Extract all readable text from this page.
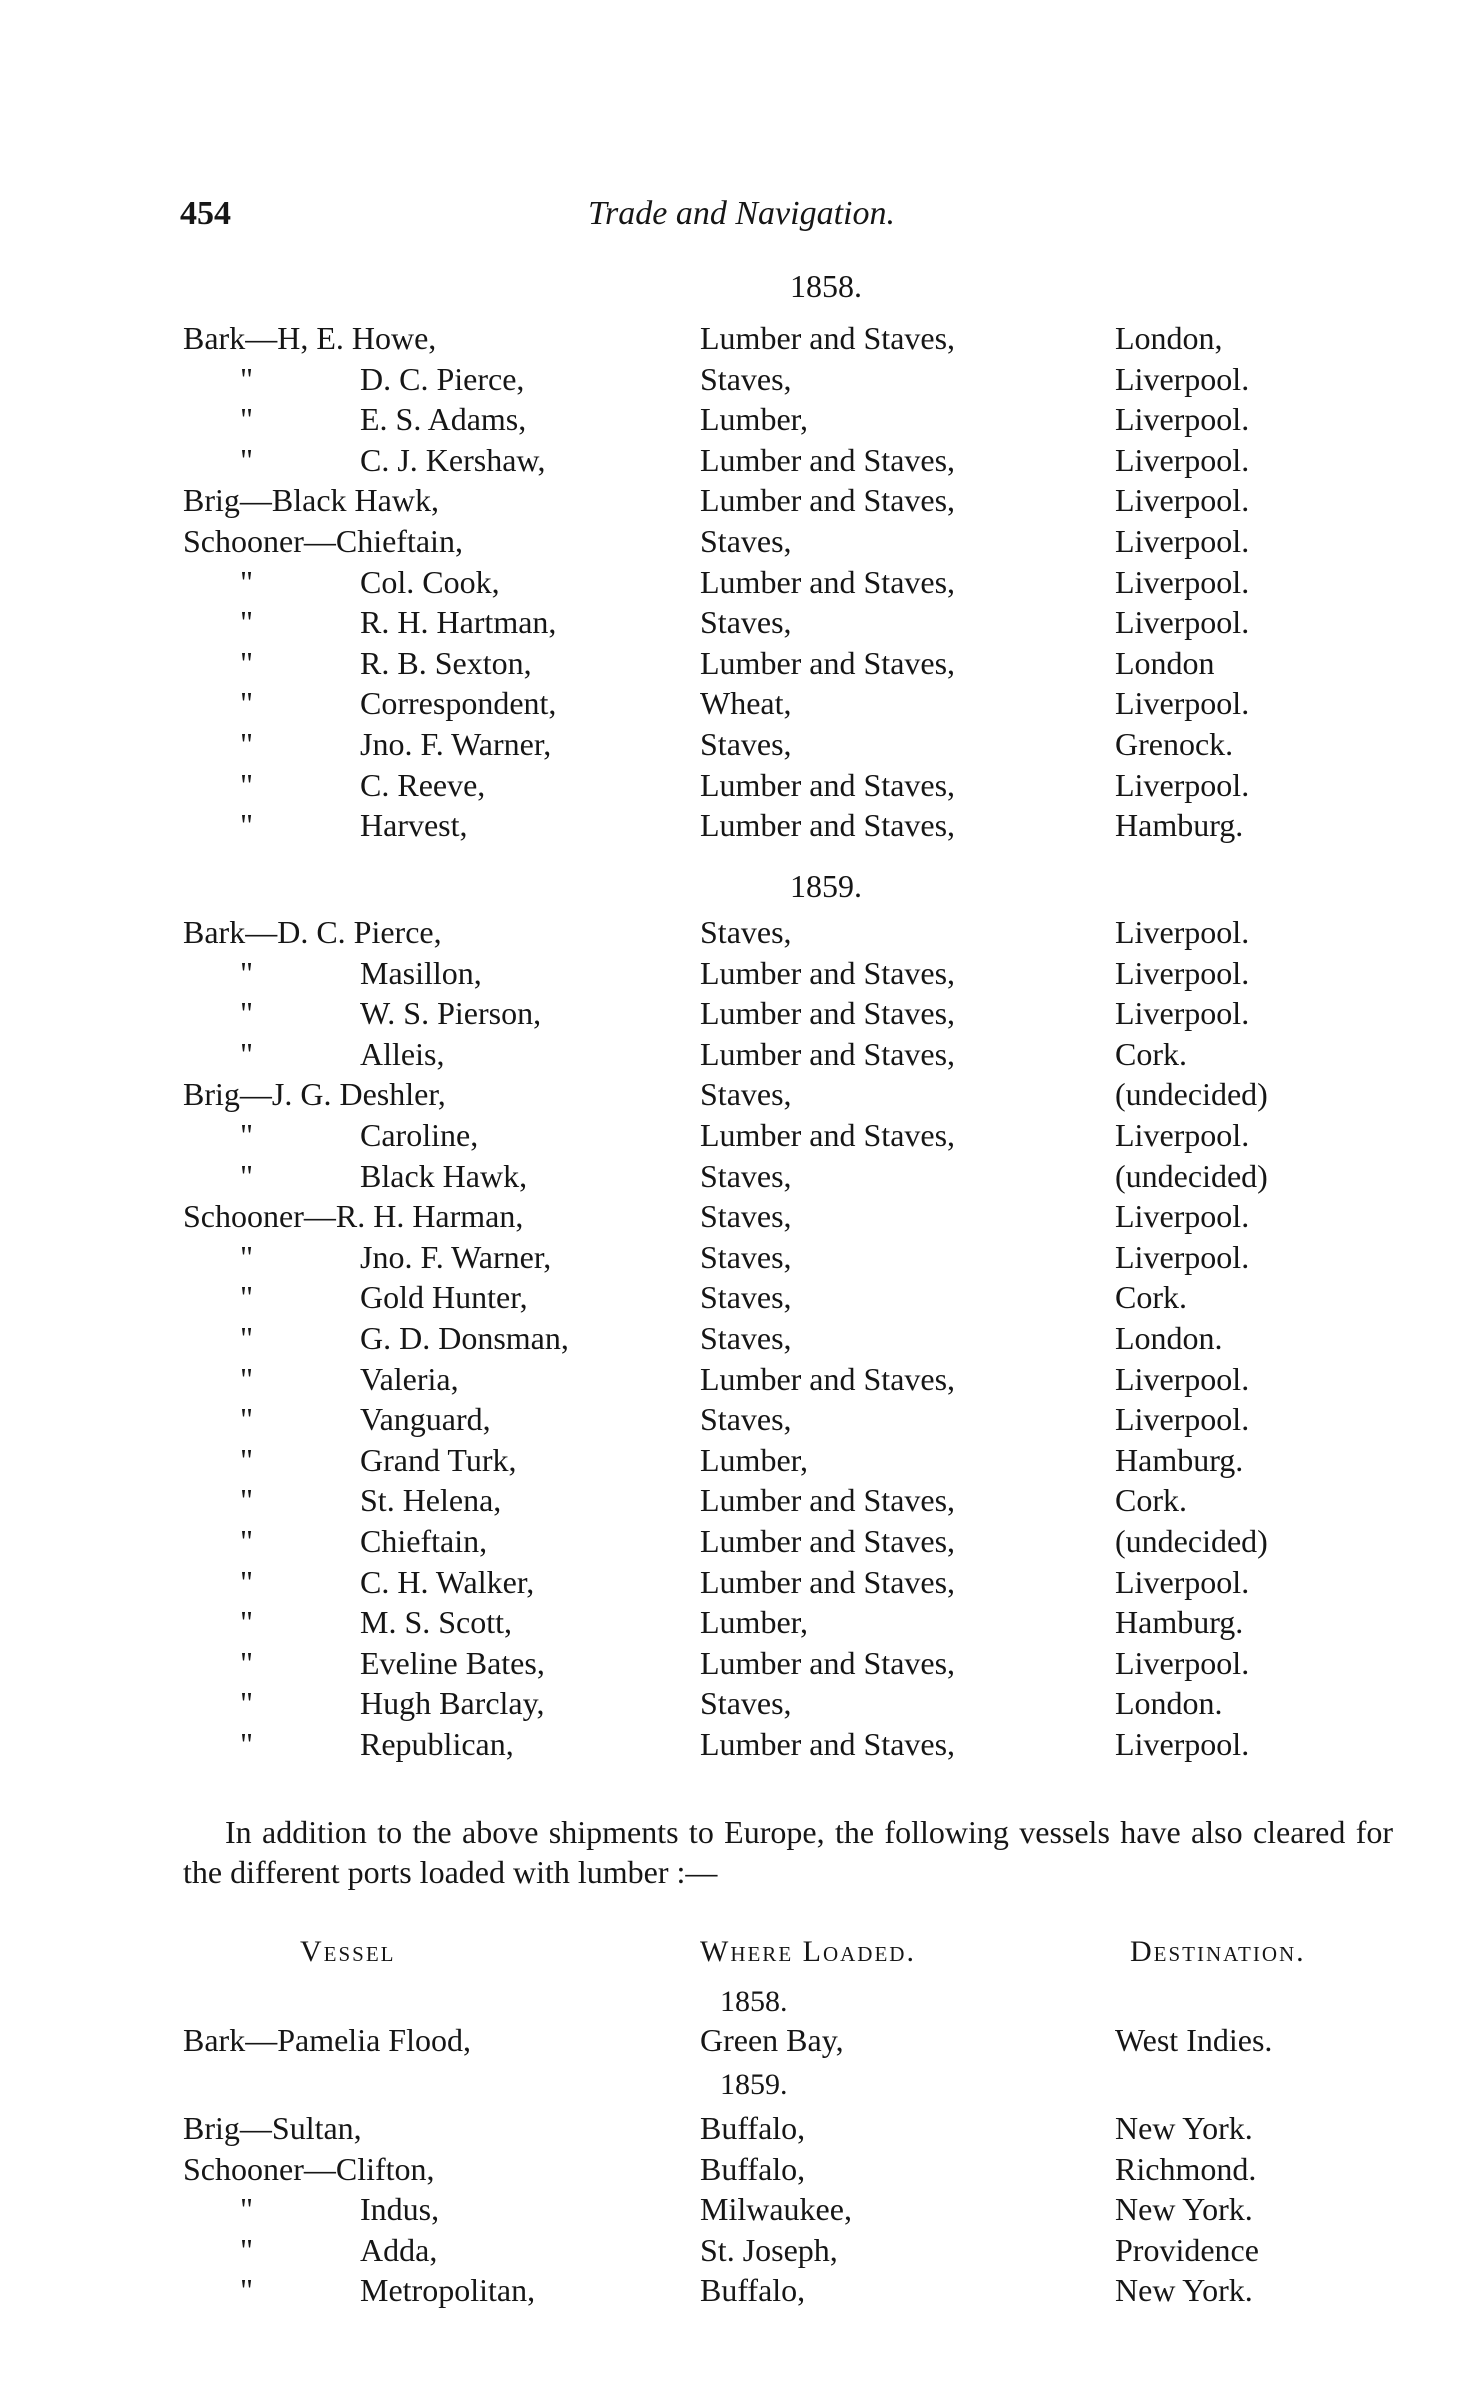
454	Trade and Navigation.
1858.
Bark—H, E. Howe,	Lumber and Staves,	London,
"	D. C. Pierce,	Staves,	Liverpool.
"	E. S. Adams,	Lumber,	Liverpool.
"	C. J. Kershaw,	Lumber and Staves,	Liverpool.
Brig—Black Hawk,	Lumber and Staves,	Liverpool.
Schooner—Chieftain,	Staves,	Liverpool.
"	Col. Cook,	Lumber and Staves,	Liverpool.
"	R. H. Hartman,	Staves,	Liverpool.
"	R. B. Sexton,	Lumber and Staves,	London
"	Correspondent,	Wheat,	Liverpool.
"	Jno. F. Warner,	Staves,	Grenock.
"	C. Reeve,	Lumber and Staves,	Liverpool.
"	Harvest,	Lumber and Staves,	Hamburg.
1859.
Bark—D. C. Pierce,	Staves,	Liverpool.
"	Masillon,	Lumber and Staves,	Liverpool.
"	W. S. Pierson,	Lumber and Staves,	Liverpool.
"	Alleis,	Lumber and Staves,	Cork.
Brig—J. G. Deshler,	Staves,	(undecided)
"	Caroline,	Lumber and Staves,	Liverpool.
"	Black Hawk,	Staves,	(undecided)
Schooner—R. H. Harman,	Staves,	Liverpool.
"	Jno. F. Warner,	Staves,	Liverpool.
"	Gold Hunter,	Staves,	Cork.
"	G. D. Donsman,	Staves,	London.
"	Valeria,	Lumber and Staves,	Liverpool.
"	Vanguard,	Staves,	Liverpool.
"	Grand Turk,	Lumber,	Hamburg.
"	St. Helena,	Lumber and Staves,	Cork.
"	Chieftain,	Lumber and Staves,	(undecided)
"	C. H. Walker,	Lumber and Staves,	Liverpool.
"	M. S. Scott,	Lumber,	Hamburg.
"	Eveline Bates,	Lumber and Staves,	Liverpool.
"	Hugh Barclay,	Staves,	London.
"	Republican,	Lumber and Staves,	Liverpool.

In addition to the above shipments to Europe, the following vessels have also cleared for the different ports loaded with lumber :—

Vessel	Where Loaded.	Destination.
1858.
Bark—Pamelia Flood,	Green Bay,	West Indies.
1859.
Brig—Sultan,	Buffalo,	New York.
Schooner—Clifton,	Buffalo,	Richmond.
"	Indus,	Milwaukee,	New York.
"	Adda,	St. Joseph,	Providence
"	Metropolitan,	Buffalo,	New York.
